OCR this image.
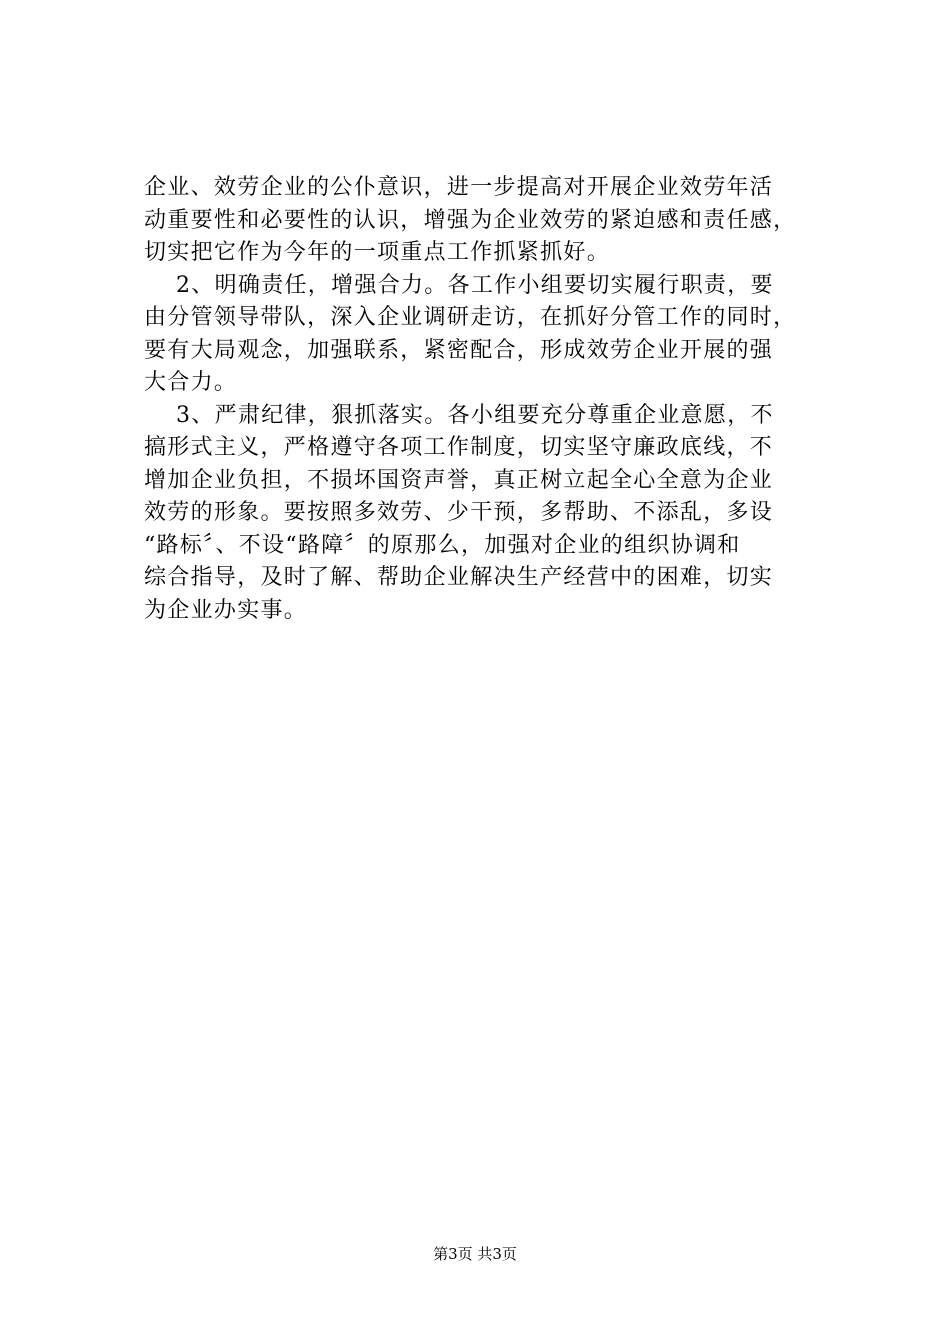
企业、效劳企业的公仆意识，进一步提高对开展企业效劳年活
动重要性和必要性的认识，增强为企业效劳的紧迫感和责任感，
切实把它作为今年的一项重点工作抓紧抓好。
2、明确责任，增强合力。各工作小组要切实履行职责，要
由分管领导带队，深入企业调研走访，在抓好分管工作的同时，
要有大局观念，加强联系，紧密配合，形成效劳企业开展的强
大合力。
3、严肃纪律，狠抓落实。各小组要充分尊重企业意愿，不
搞形式主义，严格遵守各项工作制度，切实坚守廉政底线，不
增加企业负担，不损坏国资声誉，真正树立起全心全意为企业
效劳的形象。要按照多效劳、少干预，多帮助、不添乱，多设
“路标〞、不设“路障〞的原那么，加强对企业的组织协调和
综合指导，及时了解、帮助企业解决生产经营中的困难，切实
为企业办实事。
第3页 共3页
